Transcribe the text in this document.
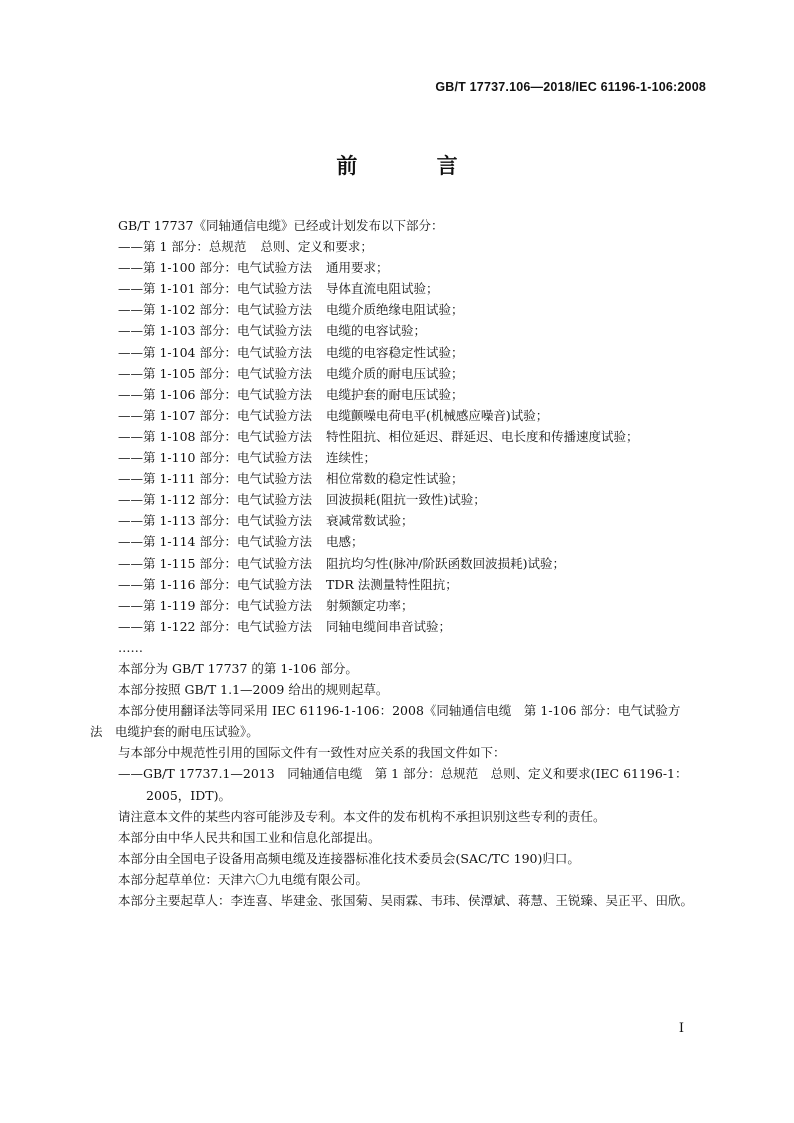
GB/T 17737.106—2018/IEC 61196-1-106:2008
前 言

GB/T 17737《同轴通信电缆》已经或计划发布以下部分：

——第 1 部分：总规范 总则、定义和要求；

——第 1-100 部分：电气试验方法 通用要求；

——第 1-101 部分：电气试验方法 导体直流电阻试验；

——第 1-102 部分：电气试验方法 电缆介质绝缘电阻试验；

——第 1-103 部分：电气试验方法 电缆的电容试验；

——第 1-104 部分：电气试验方法 电缆的电容稳定性试验；

——第 1-105 部分：电气试验方法 电缆介质的耐电压试验；

——第 1-106 部分：电气试验方法 电缆护套的耐电压试验；

——第 1-107 部分：电气试验方法 电缆颤噪电荷电平(机械感应噪音)试验；

——第 1-108 部分：电气试验方法 特性阻抗、相位延迟、群延迟、电长度和传播速度试验；

——第 1-110 部分：电气试验方法 连续性；

——第 1-111 部分：电气试验方法 相位常数的稳定性试验；

——第 1-112 部分：电气试验方法 回波损耗(阻抗一致性)试验；

——第 1-113 部分：电气试验方法 衰减常数试验；

——第 1-114 部分：电气试验方法 电感；

——第 1-115 部分：电气试验方法 阻抗均匀性(脉冲/阶跃函数回波损耗)试验；

——第 1-116 部分：电气试验方法 TDR 法测量特性阻抗；

——第 1-119 部分：电气试验方法 射频额定功率；

——第 1-122 部分：电气试验方法 同轴电缆间串音试验；

……

本部分为 GB/T 17737 的第 1-106 部分。

本部分按照 GB/T 1.1—2009 给出的规则起草。

本部分使用翻译法等同采用 IEC 61196-1-106：2008《同轴通信电缆　第 1-106 部分：电气试验方

法　电缆护套的耐电压试验》。

与本部分中规范性引用的国际文件有一致性对应关系的我国文件如下：

——GB/T 17737.1—2013　同轴通信电缆　第 1 部分：总规范　总则、定义和要求(IEC 61196-1：

2005，IDT)。

请注意本文件的某些内容可能涉及专利。本文件的发布机构不承担识别这些专利的责任。

本部分由中华人民共和国工业和信息化部提出。

本部分由全国电子设备用高频电缆及连接器标准化技术委员会(SAC/TC 190)归口。

本部分起草单位：天津六〇九电缆有限公司。

本部分主要起草人：李连喜、毕建金、张国菊、吴雨霖、韦玮、侯潭斌、蒋慧、王锐臻、吴正平、田欣。

I
